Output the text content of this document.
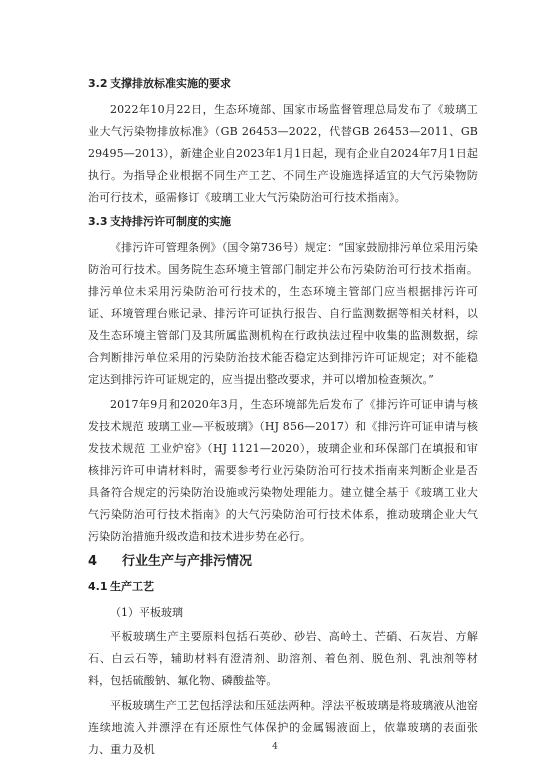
3.2 支撑排放标准实施的要求

2022年10月22日，生态环境部、国家市场监督管理总局发布了《玻璃工业大气污染物排放标准》（GB 26453—2022，代替GB 26453—2011、GB 29495—2013），新建企业自2023年1月1日起，现有企业自2024年7月1日起执行。为指导企业根据不同生产工艺、不同生产设施选择适宜的大气污染物防治可行技术，亟需修订《玻璃工业大气污染防治可行技术指南》。

3.3 支持排污许可制度的实施

《排污许可管理条例》（国令第736号）规定：“国家鼓励排污单位采用污染防治可行技术。国务院生态环境主管部门制定并公布污染防治可行技术指南。排污单位未采用污染防治可行技术的，生态环境主管部门应当根据排污许可证、环境管理台账记录、排污许可证执行报告、自行监测数据等相关材料，以及生态环境主管部门及其所属监测机构在行政执法过程中收集的监测数据，综合判断排污单位采用的污染防治技术能否稳定达到排污许可证规定；对不能稳定达到排污许可证规定的，应当提出整改要求，并可以增加检查频次。”

2017年9月和2020年3月，生态环境部先后发布了《排污许可证申请与核发技术规范 玻璃工业—平板玻璃》（HJ 856—2017）和《排污许可证申请与核发技术规范 工业炉窑》（HJ 1121—2020），玻璃企业和环保部门在填报和审核排污许可申请材料时，需要参考行业污染防治可行技术指南来判断企业是否具备符合规定的污染防治设施或污染物处理能力。建立健全基于《玻璃工业大气污染防治可行技术指南》的大气污染防治可行技术体系，推动玻璃企业大气污染防治措施升级改造和技术进步势在必行。

4 行业生产与产排污情况
4.1 生产工艺
（1）平板玻璃

平板玻璃生产主要原料包括石英砂、砂岩、高岭土、芒硝、石灰岩、方解石、白云石等，辅助材料有澄清剂、助溶剂、着色剂、脱色剂、乳浊剂等材料，包括硫酸钠、氟化物、磷酸盐等。

平板玻璃生产工艺包括浮法和压延法两种。浮法平板玻璃是将玻璃液从池窑连续地流入并漂浮在有还原性气体保护的金属锡液面上，依靠玻璃的表面张力、重力及机	4
